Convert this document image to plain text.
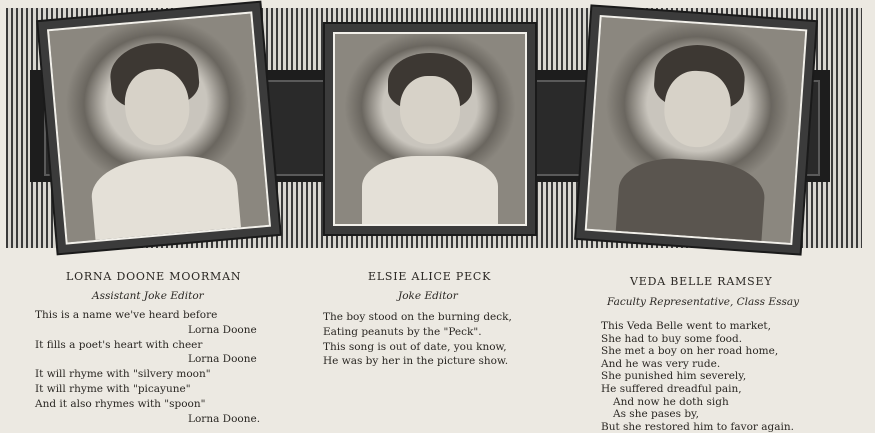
LORNA DOONE MOORMAN
Assistant Joke Editor
This is a name we've heard before
Lorna Doone
It fills a poet's heart with cheer
Lorna Doone
It will rhyme with "silvery moon"
It will rhyme with "picayune"
And it also rhymes with "spoon"
Lorna Doone.
ELSIE ALICE PECK
Joke Editor
The boy stood on the burning deck,
Eating peanuts by the "Peck".
This song is out of date, you know,
He was by her in the picture show.
VEDA BELLE RAMSEY
Faculty Representative, Class Essay
This Veda Belle went to market,
She had to buy some food.
She met a boy on her road home,
And he was very rude.
She punished him severely,
He suffered dreadful pain,
And now he doth sigh
As she pases by,
But she restored him to favor again.
